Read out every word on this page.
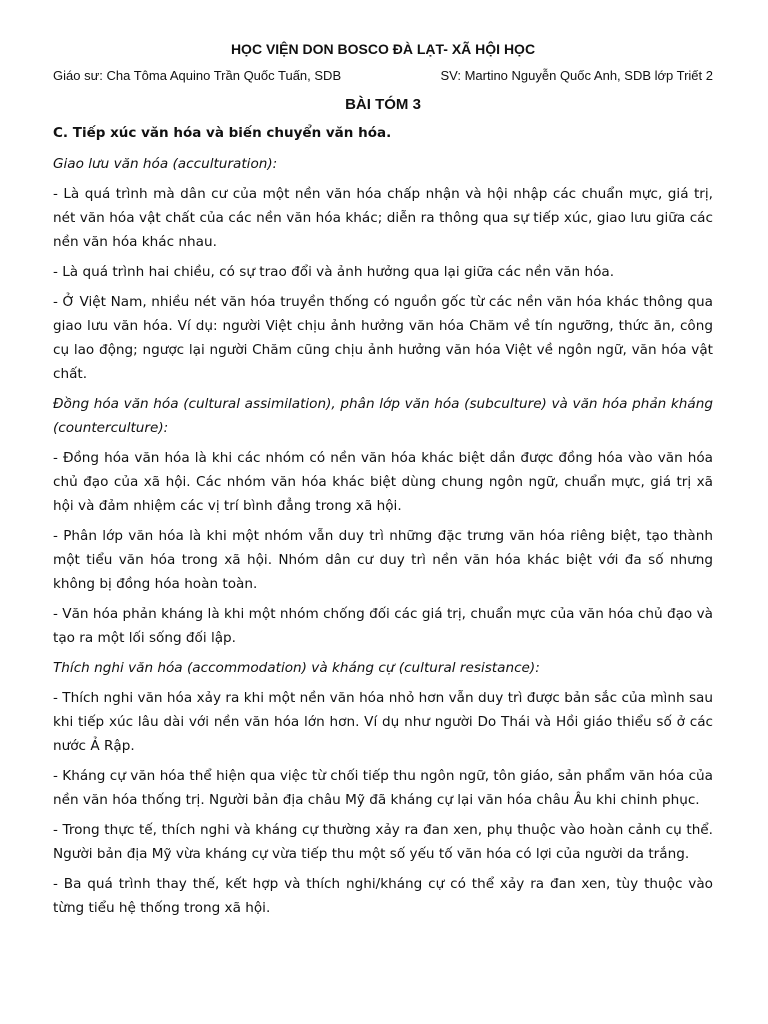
HỌC VIỆN DON BOSCO ĐÀ LẠT- XÃ HỘI HỌC
Giáo sư: Cha Tôma Aquino Trần Quốc Tuấn, SDB	SV: Martino Nguyễn Quốc Anh, SDB lớp Triết 2
BÀI TÓM 3
C. Tiếp xúc văn hóa và biến chuyển văn hóa.

Giao lưu văn hóa (acculturation):

- Là quá trình mà dân cư của một nền văn hóa chấp nhận và hội nhập các chuẩn mực, giá trị, nét văn hóa vật chất của các nền văn hóa khác; diễn ra thông qua sự tiếp xúc, giao lưu giữa các nền văn hóa khác nhau.

- Là quá trình hai chiều, có sự trao đổi và ảnh hưởng qua lại giữa các nền văn hóa.

- Ở Việt Nam, nhiều nét văn hóa truyền thống có nguồn gốc từ các nền văn hóa khác thông qua giao lưu văn hóa. Ví dụ: người Việt chịu ảnh hưởng văn hóa Chăm về tín ngưỡng, thức ăn, công cụ lao động; ngược lại người Chăm cũng chịu ảnh hưởng văn hóa Việt về ngôn ngữ, văn hóa vật chất.

Đồng hóa văn hóa (cultural assimilation), phân lớp văn hóa (subculture) và văn hóa phản kháng (counterculture):

- Đồng hóa văn hóa là khi các nhóm có nền văn hóa khác biệt dần được đồng hóa vào văn hóa chủ đạo của xã hội. Các nhóm văn hóa khác biệt dùng chung ngôn ngữ, chuẩn mực, giá trị xã hội và đảm nhiệm các vị trí bình đẳng trong xã hội.

- Phân lớp văn hóa là khi một nhóm vẫn duy trì những đặc trưng văn hóa riêng biệt, tạo thành một tiểu văn hóa trong xã hội. Nhóm dân cư duy trì nền văn hóa khác biệt với đa số nhưng không bị đồng hóa hoàn toàn.

- Văn hóa phản kháng là khi một nhóm chống đối các giá trị, chuẩn mực của văn hóa chủ đạo và tạo ra một lối sống đối lập.

Thích nghi văn hóa (accommodation) và kháng cự (cultural resistance):

- Thích nghi văn hóa xảy ra khi một nền văn hóa nhỏ hơn vẫn duy trì được bản sắc của mình sau khi tiếp xúc lâu dài với nền văn hóa lớn hơn. Ví dụ như người Do Thái và Hồi giáo thiểu số ở các nước Ả Rập.

- Kháng cự văn hóa thể hiện qua việc từ chối tiếp thu ngôn ngữ, tôn giáo, sản phẩm văn hóa của nền văn hóa thống trị. Người bản địa châu Mỹ đã kháng cự lại văn hóa châu Âu khi chinh phục.

- Trong thực tế, thích nghi và kháng cự thường xảy ra đan xen, phụ thuộc vào hoàn cảnh cụ thể. Người bản địa Mỹ vừa kháng cự vừa tiếp thu một số yếu tố văn hóa có lợi của người da trắng.

- Ba quá trình thay thế, kết hợp và thích nghi/kháng cự có thể xảy ra đan xen, tùy thuộc vào từng tiểu hệ thống trong xã hội.
